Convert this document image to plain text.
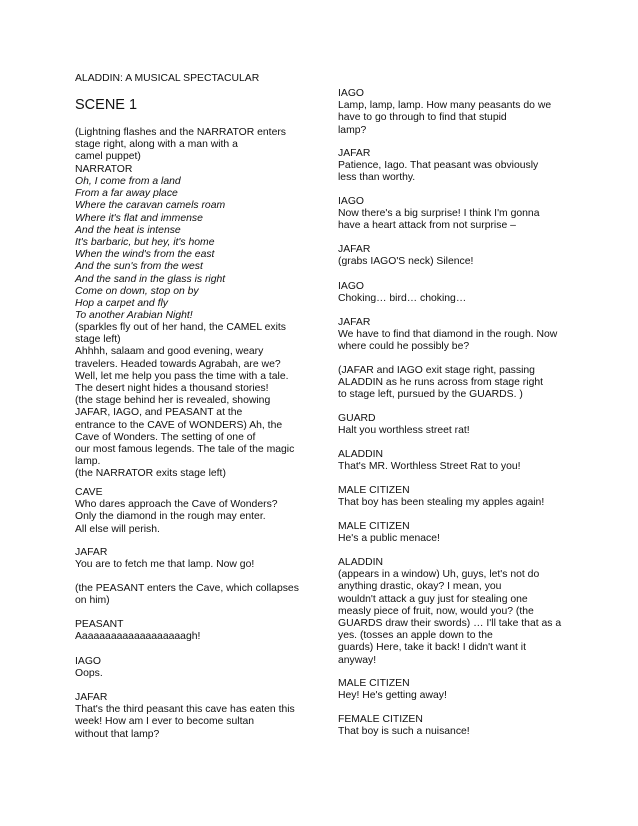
ALADDIN: A MUSICAL SPECTACULAR
SCENE 1
(Lightning flashes and the NARRATOR enters
stage right, along with a man with a
camel puppet)
NARRATOR
Oh, I come from a land
From a far away place
Where the caravan camels roam
Where it's flat and immense
And the heat is intense
It's barbaric, but hey, it's home
When the wind's from the east
And the sun's from the west
And the sand in the glass is right
Come on down, stop on by
Hop a carpet and fly
To another Arabian Night!
(sparkles fly out of her hand, the CAMEL exits
stage left)
Ahhhh, salaam and good evening, weary
travelers. Headed towards Agrabah, are we?
Well, let me help you pass the time with a tale.
The desert night hides a thousand stories!
(the stage behind her is revealed, showing
JAFAR, IAGO, and PEASANT at the
entrance to the CAVE of WONDERS) Ah, the
Cave of Wonders. The setting of one of
our most famous legends. The tale of the magic
lamp.
(the NARRATOR exits stage left)
CAVE
Who dares approach the Cave of Wonders?
Only the diamond in the rough may enter.
All else will perish.
JAFAR
You are to fetch me that lamp. Now go!
(the PEASANT enters the Cave, which collapses
on him)
PEASANT
Aaaaaaaaaaaaaaaaaaagh!
IAGO
Oops.
JAFAR
That's the third peasant this cave has eaten this
week! How am I ever to become sultan
without that lamp?
IAGO
Lamp, lamp, lamp. How many peasants do we
have to go through to find that stupid
lamp?
JAFAR
Patience, Iago. That peasant was obviously
less than worthy.
IAGO
Now there's a big surprise! I think I'm gonna
have a heart attack from not surprise –
JAFAR
(grabs IAGO'S neck) Silence!
IAGO
Choking… bird… choking…
JAFAR
We have to find that diamond in the rough. Now
where could he possibly be?
(JAFAR and IAGO exit stage right, passing
ALADDIN as he runs across from stage right
to stage left, pursued by the GUARDS. )
GUARD
Halt you worthless street rat!
ALADDIN
That's MR. Worthless Street Rat to you!
MALE CITIZEN
That boy has been stealing my apples again!
MALE CITIZEN
He's a public menace!
ALADDIN
(appears in a window) Uh, guys, let's not do
anything drastic, okay? I mean, you
wouldn't attack a guy just for stealing one
measly piece of fruit, now, would you? (the
GUARDS draw their swords) … I'll take that as a
yes. (tosses an apple down to the
guards) Here, take it back! I didn't want it
anyway!
MALE CITIZEN
Hey! He's getting away!
FEMALE CITIZEN
That boy is such a nuisance!
